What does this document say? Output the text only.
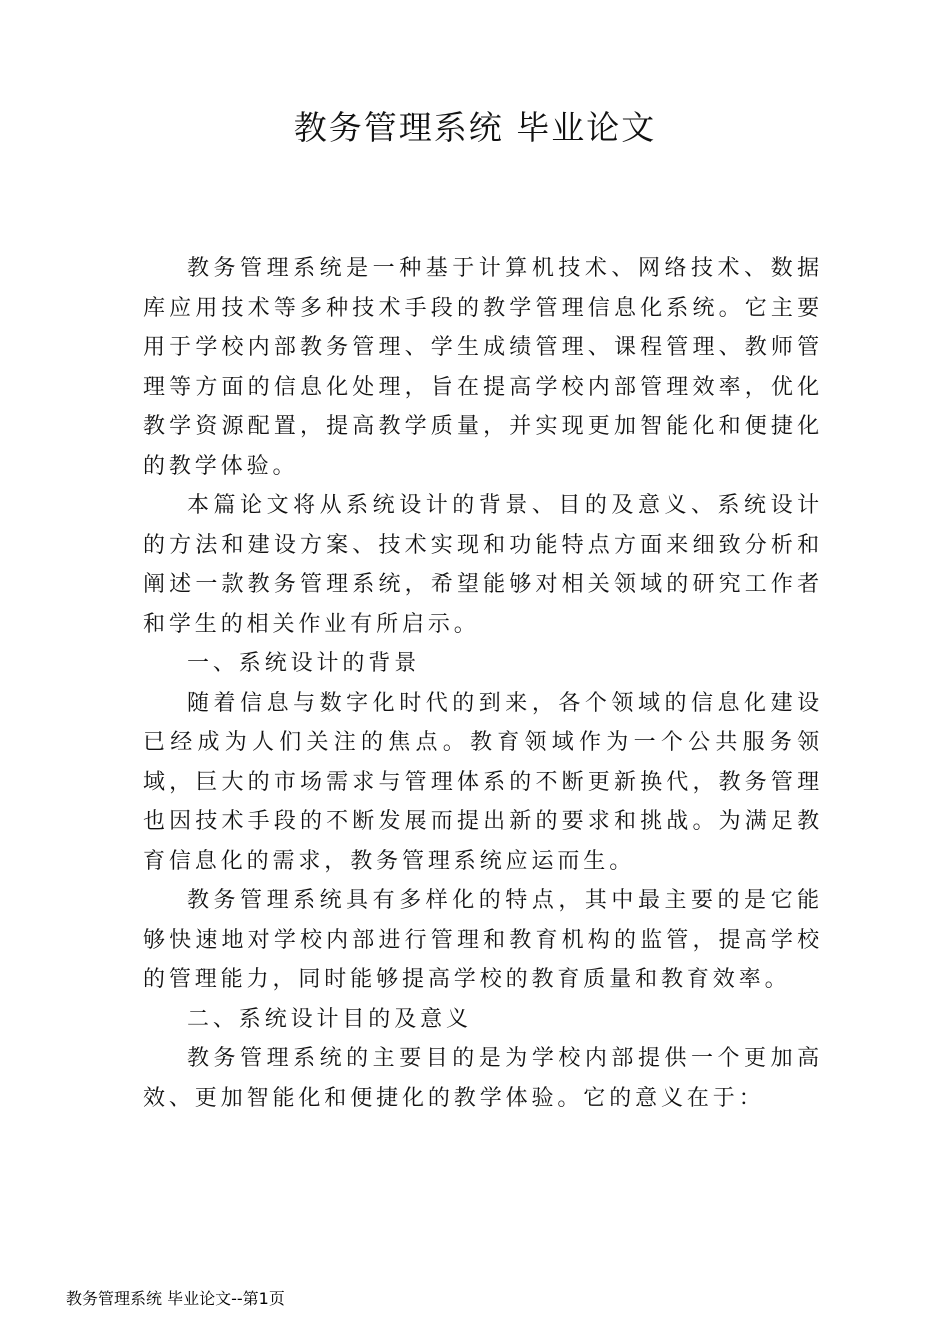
教务管理系统 毕业论文

教务管理系统是一种基于计算机技术、网络技术、数据库应用技术等多种技术手段的教学管理信息化系统。它主要用于学校内部教务管理、学生成绩管理、课程管理、教师管理等方面的信息化处理，旨在提高学校内部管理效率，优化教学资源配置，提高教学质量，并实现更加智能化和便捷化的教学体验。

本篇论文将从系统设计的背景、目的及意义、系统设计的方法和建设方案、技术实现和功能特点方面来细致分析和阐述一款教务管理系统，希望能够对相关领域的研究工作者和学生的相关作业有所启示。

一、系统设计的背景

随着信息与数字化时代的到来，各个领域的信息化建设已经成为人们关注的焦点。教育领域作为一个公共服务领域，巨大的市场需求与管理体系的不断更新换代，教务管理也因技术手段的不断发展而提出新的要求和挑战。为满足教育信息化的需求，教务管理系统应运而生。

教务管理系统具有多样化的特点，其中最主要的是它能够快速地对学校内部进行管理和教育机构的监管，提高学校的管理能力，同时能够提高学校的教育质量和教育效率。

二、系统设计目的及意义

教务管理系统的主要目的是为学校内部提供一个更加高效、更加智能化和便捷化的教学体验。它的意义在于：

教务管理系统 毕业论文--第1页
